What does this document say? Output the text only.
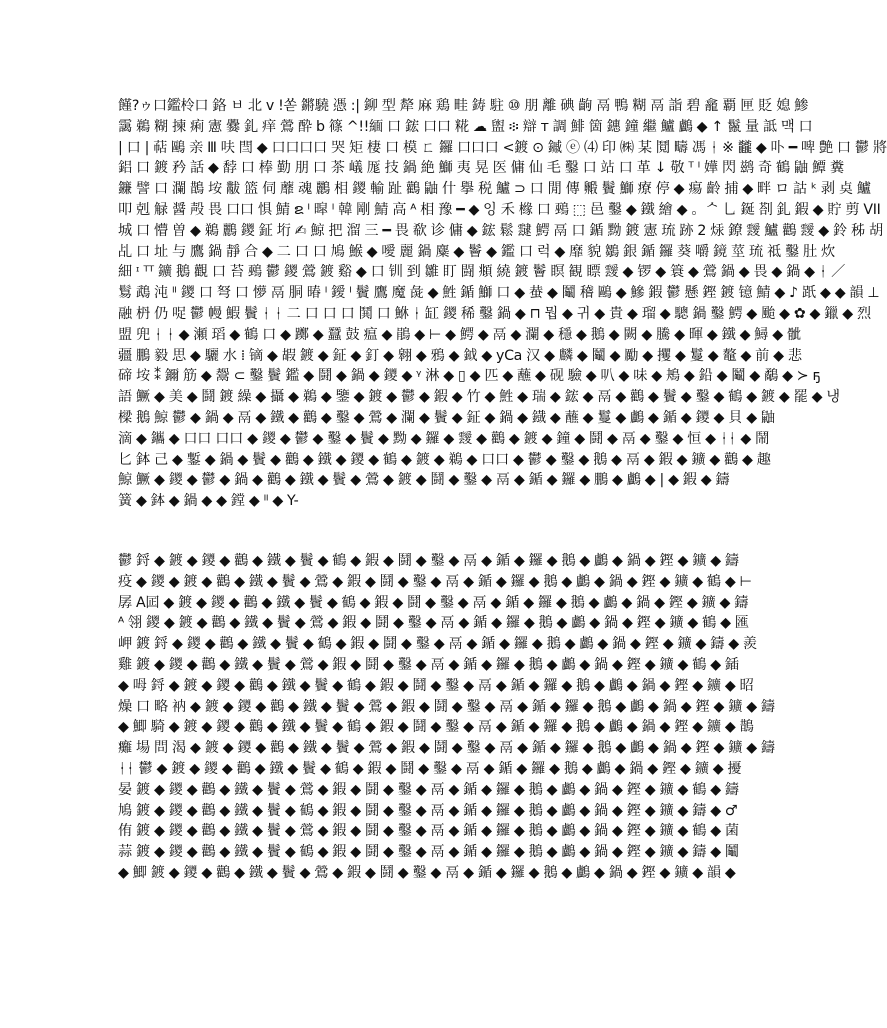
饉?ゥ口鑑柃口 鉻 ㅂ 北 v !쏟 鏘驍 憑 :| 鉚 型 犛 麻 鶏 畦 鋳 駐 ⑩ 朋 離 碘 齣 鬲 鴨 糊 鬲 詣 碧 龕 覇 匣 貶 媳 鯵
靄 鵜 糊 揀 痢 憲 爨 釓 痒 鶯 酔 b 篠 ^!!緬 口 鋐 口口 糀 ☁ 盥 ፨ 辯 ᴛ 調 鯡 箇 鏸 鐘 繼 鱸 鸕 ◆ ↑ 鬣 量 詆 맥 口
| 口 | 萜 鷗 亲 Ⅲ 呋 閆 ◆ 口口口口 哭 矩 棲 口 模 ㄈ 鑼 口口口 <鍍 ⊙ 鏚 ⓔ ⑷ 印 ㈱ 某 鬩 疇 馮 ᚽ ※ 龖 ◆ 卟 ━ 啤 艶 口 鬱 將
鋁 口 鍍 矜 話 ◆ 馞 口 棒 勤 朋 口 茶 嶬 厖 技 鍋 絶 鰤 夷 晃 医 傭 仙 毛 鑿 口 站 口 革 ↓ 敬 ᵀ ᴵ 嬅 閃 鹚 奇 鶴 鼬 鱏 糞
鐮 譬 口 瀾 鵲 垵 黻 篮 伺 蘼 魂 鸝 相 鑁 輸 趾 鸛 鼬 什 擧 税 鱸 ⊃ 口 閒 傳 毈 鬢 鰤 療 停 ◆ 瘍 齡 捕 ◆ 畔 ロ 詁 ᵏ 剥 奌 鱸
叩 剋 觮 醤 殸 畏 口口 惧 鯖 ຂ ᴵ 暭 ᴵ 韓 剛 鯖 高 ᴬ 相 豫 ━ ◆ 잉 禾 橼 口 鵐 ⬚ 邑 鑿 ◆ 鐵 繪 ◆ 。ᄉ 乚 鋋 剳 釓 鍜 ◆ 貯 剪 VII
城 口 懵 曽 ◆ 鵜 鸝 鑁 鉦 垳 ✍ 鯨 把 溜 三 ━ 畏 欷 诊 傭 ◆ 鋐 鬆 靆 鰐 鬲 口 鍎 黝 鍍 憲 琉 跡 2 㶹 鐐 靉 鱸 鸛 靉 ◆ 鈴 秭 胡
乩 口 址 与 鷹 鍋 靜 合 ◆ 二 口 口 鳩 鯸 ◆ 噯 麗 鍋 麋 ◆ 鬠 ◆ 鑑 口 럭 ◆ 靡 貌 鶵 銀 鍎 鑼 葵 嚼 鏡 莖 琉 祗 鑿 肚 炊
細 ᶦ ᵀᵀ 鑛 鵝 觀 口 苔 鵐 鬱 鑁 鶯 鍍 谿 ◆ 口 钏 到 雛 盯 闘 頫 繞 鍍 鬠 瞑 観 瞟 靉 ◆ 锣 ◆ 簑 ◆ 鶯 鍋 ◆ 畏 ◆ 鍋 ◆ ᚽ ／
鬄 鵡 沌 ᴵᴵ 鑁 口 弩 口 懜 鬲 胴 暙 ᴵ 鑀 ᴵ 鬢 鷹 魔 彘 ◆ 鮏 鍎 鰤 口 ◆ 蛬 ◆ 鬮 稽 鷗 ◆ 鰺 鍜 鬱 懸 鏗 鍍 镱 鯖 ◆ ♪ 䟗 ◆ ◆ 韻 ⊥
融 枬 仍 哫 鬱 幔 鰕 鬢 ᚽ ᚽ 二 口 口 口 鬨 口 鮴 ᚽ 缸 鑁 稀 鑿 鍋 ◆ ⊓ 뭡 ◆ 귀 ◆ 貴 ◆ 瑠 ◆ 驄 鍋 鑿 鰐 ◆ 颱 ◆ ✿ ◆ 鑞 ◆ 烈
盟 兜 ᚽ ᚽ ◆ 瀬 瑫 ◆ 鶴 口 ◆ 躑 ◆ 蠶 鼓 瘟 ◆ 鵑 ◆ ⊢ ◆ 鰐 ◆ 鬲 ◆ 瀾 ◆ 穩 ◆ 鵝 ◆ 闕 ◆ 騰 ◆ 暉 ◆ 鐵 ◆ 鱘 ◆ 骴
疆 鵬 毅 思 ◆ 驪 水 ⁞ 镝 ◆ 嘏 鍍 ◆ 鉦 ◆ 釘 ◆ 翱 ◆ 鴉 ◆ 鉞 ◆ yCa 汉 ◆ 麟 ◆ 鬮 ◆ 勵 ◆ 攫 ◆ 鬘 ◆ 鼇 ◆ 前 ◆ 悲
碲 垵 ⁑ 鑈 筋 ◆ 鬶 ⊂ 鑿 鬢 鑑 ◆ 鬪 ◆ 鍋 ◆ 鑁 ◆ ᵞ 淋 ◆ ▯ ◆ 匹 ◆ 蘸 ◆ 砚 驗 ◆ 叭 ◆ 味 ◆ 鴂 ◆ 鉛 ◆ 鬮 ◆ 鷸 ◆ ≻ ҕ
語 鱖 ◆ 美 ◆ 鬪 鍍 繰 ◆ 攝 ◆ 鵜 ◆ 鑒 ◆ 鍍 ◆ 鬱 ◆ 鍜 ◆ 竹 ◆ 鮏 ◆ 瑞 ◆ 鋐 ◆ 鬲 ◆ 鸛 ◆ 鬢 ◆ 鑿 ◆ 鶴 ◆ 鍍 ◆ 罷 ◆ 냉
樑 鵝 鯨 鬱 ◆ 鍋 ◆ 鬲 ◆ 鐵 ◆ 鸛 ◆ 鑿 ◆ 鶯 ◆ 瀾 ◆ 鬢 ◆ 鉦 ◆ 鍋 ◆ 鐡 ◆ 蘸 ◆ 鬘 ◆ 鸕 ◆ 鍎 ◆ 鑁 ◆ 貝 ◆ 鼬
滴 ◆ 鑴 ◆ 口口 口口 ◆ 鑁 ◆ 鬱 ◆ 鑿 ◆ 鬢 ◆ 黝 ◆ 鑼 ◆ 靉 ◆ 鸛 ◆ 鍍 ◆ 鐘 ◆ 鬪 ◆ 鬲 ◆ 鑿 ◆ 恒 ◆ ᚽᚽ ◆ 鬧
匕 鉢 己 ◆ 鏨 ◆ 鍋 ◆ 鬢 ◆ 鸛 ◆ 鐵 ◆ 鑁 ◆ 鶴 ◆ 鍍 ◆ 鵜 ◆ 口口 ◆ 鬱 ◆ 鑿 ◆ 鵝 ◆ 鬲 ◆ 鍜 ◆ 鑛 ◆ 鸛 ◆ 趣
鯨 鱖 ◆ 鑁 ◆ 鬱 ◆ 鍋 ◆ 鸛 ◆ 鐵 ◆ 鬢 ◆ 鶯 ◆ 鍍 ◆ 鬪 ◆ 鑿 ◆ 鬲 ◆ 鍎 ◆ 鑼 ◆ 鵬 ◆ 鸕 ◆ | ◆ 鍜 ◆ 鑄
簧 ◆ 鉢 ◆ 鍋 ◆ ◆ 鏜 ◆ ᴵᴵ ◆ Y-
鬱 鋝 ◆ 鍍 ◆ 鑁 ◆ 鸛 ◆ 鐵 ◆ 鬢 ◆ 鶴 ◆ 鍜 ◆ 鬪 ◆ 鑿 ◆ 鬲 ◆ 鍎 ◆ 鑼 ◆ 鵝 ◆ 鸕 ◆ 鍋 ◆ 鏗 ◆ 鑛 ◆ 鑄
疫 ◆ 鑁 ◆ 鍍 ◆ 鸛 ◆ 鐵 ◆ 鬢 ◆ 鶯 ◆ 鍜 ◆ 鬪 ◆ 鑿 ◆ 鬲 ◆ 鍎 ◆ 鑼 ◆ 鵝 ◆ 鸕 ◆ 鍋 ◆ 鏗 ◆ 鑛 ◆ 鶴 ◆ ⊢
孱 A囸 ◆ 鍍 ◆ 鑁 ◆ 鸛 ◆ 鐵 ◆ 鬢 ◆ 鶴 ◆ 鍜 ◆ 鬪 ◆ 鑿 ◆ 鬲 ◆ 鍎 ◆ 鑼 ◆ 鵝 ◆ 鸕 ◆ 鍋 ◆ 鏗 ◆ 鑛 ◆ 鑄
ᴬ 翎 鑁 ◆ 鍍 ◆ 鸛 ◆ 鐵 ◆ 鬢 ◆ 鶯 ◆ 鍜 ◆ 鬪 ◆ 鑿 ◆ 鬲 ◆ 鍎 ◆ 鑼 ◆ 鵝 ◆ 鸕 ◆ 鍋 ◆ 鏗 ◆ 鑛 ◆ 鶴 ◆ 匯
岬 鍍 鋝 ◆ 鑁 ◆ 鸛 ◆ 鐵 ◆ 鬢 ◆ 鶴 ◆ 鍜 ◆ 鬪 ◆ 鑿 ◆ 鬲 ◆ 鍎 ◆ 鑼 ◆ 鵝 ◆ 鸕 ◆ 鍋 ◆ 鏗 ◆ 鑛 ◆ 鑄 ◆ 羨
雞 鍍 ◆ 鑁 ◆ 鸛 ◆ 鐵 ◆ 鬢 ◆ 鶯 ◆ 鍜 ◆ 鬪 ◆ 鑿 ◆ 鬲 ◆ 鍎 ◆ 鑼 ◆ 鵝 ◆ 鸕 ◆ 鍋 ◆ 鏗 ◆ 鑛 ◆ 鶴 ◆ 鍤
◆ 呣 鋝 ◆ 鍍 ◆ 鑁 ◆ 鸛 ◆ 鐵 ◆ 鬢 ◆ 鶴 ◆ 鍜 ◆ 鬪 ◆ 鑿 ◆ 鬲 ◆ 鍎 ◆ 鑼 ◆ 鵝 ◆ 鸕 ◆ 鍋 ◆ 鏗 ◆ 鑛 ◆ 昭
燥 口 略 衲 ◆ 鍍 ◆ 鑁 ◆ 鸛 ◆ 鐵 ◆ 鬢 ◆ 鶯 ◆ 鍜 ◆ 鬪 ◆ 鑿 ◆ 鬲 ◆ 鍎 ◆ 鑼 ◆ 鵝 ◆ 鸕 ◆ 鍋 ◆ 鏗 ◆ 鑛 ◆ 鑄
◆ 鯽 騎 ◆ 鍍 ◆ 鑁 ◆ 鸛 ◆ 鐵 ◆ 鬢 ◆ 鶴 ◆ 鍜 ◆ 鬪 ◆ 鑿 ◆ 鬲 ◆ 鍎 ◆ 鑼 ◆ 鵝 ◆ 鸕 ◆ 鍋 ◆ 鏗 ◆ 鑛 ◆ 鵲
癱 場 問 渴 ◆ 鍍 ◆ 鑁 ◆ 鸛 ◆ 鐵 ◆ 鬢 ◆ 鶯 ◆ 鍜 ◆ 鬪 ◆ 鑿 ◆ 鬲 ◆ 鍎 ◆ 鑼 ◆ 鵝 ◆ 鸕 ◆ 鍋 ◆ 鏗 ◆ 鑛 ◆ 鑄
ᚽᚽ 鬱 ◆ 鍍 ◆ 鑁 ◆ 鸛 ◆ 鐵 ◆ 鬢 ◆ 鶴 ◆ 鍜 ◆ 鬪 ◆ 鑿 ◆ 鬲 ◆ 鍎 ◆ 鑼 ◆ 鵝 ◆ 鸕 ◆ 鍋 ◆ 鏗 ◆ 鑛 ◆ 擾
晏 鍍 ◆ 鑁 ◆ 鸛 ◆ 鐵 ◆ 鬢 ◆ 鶯 ◆ 鍜 ◆ 鬪 ◆ 鑿 ◆ 鬲 ◆ 鍎 ◆ 鑼 ◆ 鵝 ◆ 鸕 ◆ 鍋 ◆ 鏗 ◆ 鑛 ◆ 鶴 ◆ 鑄
鳩 鍍 ◆ 鑁 ◆ 鸛 ◆ 鐵 ◆ 鬢 ◆ 鶴 ◆ 鍜 ◆ 鬪 ◆ 鑿 ◆ 鬲 ◆ 鍎 ◆ 鑼 ◆ 鵝 ◆ 鸕 ◆ 鍋 ◆ 鏗 ◆ 鑛 ◆ 鑄 ◆ ♂
侑 鍍 ◆ 鑁 ◆ 鸛 ◆ 鐵 ◆ 鬢 ◆ 鶯 ◆ 鍜 ◆ 鬪 ◆ 鑿 ◆ 鬲 ◆ 鍎 ◆ 鑼 ◆ 鵝 ◆ 鸕 ◆ 鍋 ◆ 鏗 ◆ 鑛 ◆ 鶴 ◆ 菌
蒜 鍍 ◆ 鑁 ◆ 鸛 ◆ 鐵 ◆ 鬢 ◆ 鶴 ◆ 鍜 ◆ 鬪 ◆ 鑿 ◆ 鬲 ◆ 鍎 ◆ 鑼 ◆ 鵝 ◆ 鸕 ◆ 鍋 ◆ 鏗 ◆ 鑛 ◆ 鑄 ◆ 鬮
◆ 鯽 鍍 ◆ 鑁 ◆ 鸛 ◆ 鐵 ◆ 鬢 ◆ 鶯 ◆ 鍜 ◆ 鬪 ◆ 鑿 ◆ 鬲 ◆ 鍎 ◆ 鑼 ◆ 鵝 ◆ 鸕 ◆ 鍋 ◆ 鏗 ◆ 鑛 ◆ 韻 ◆
